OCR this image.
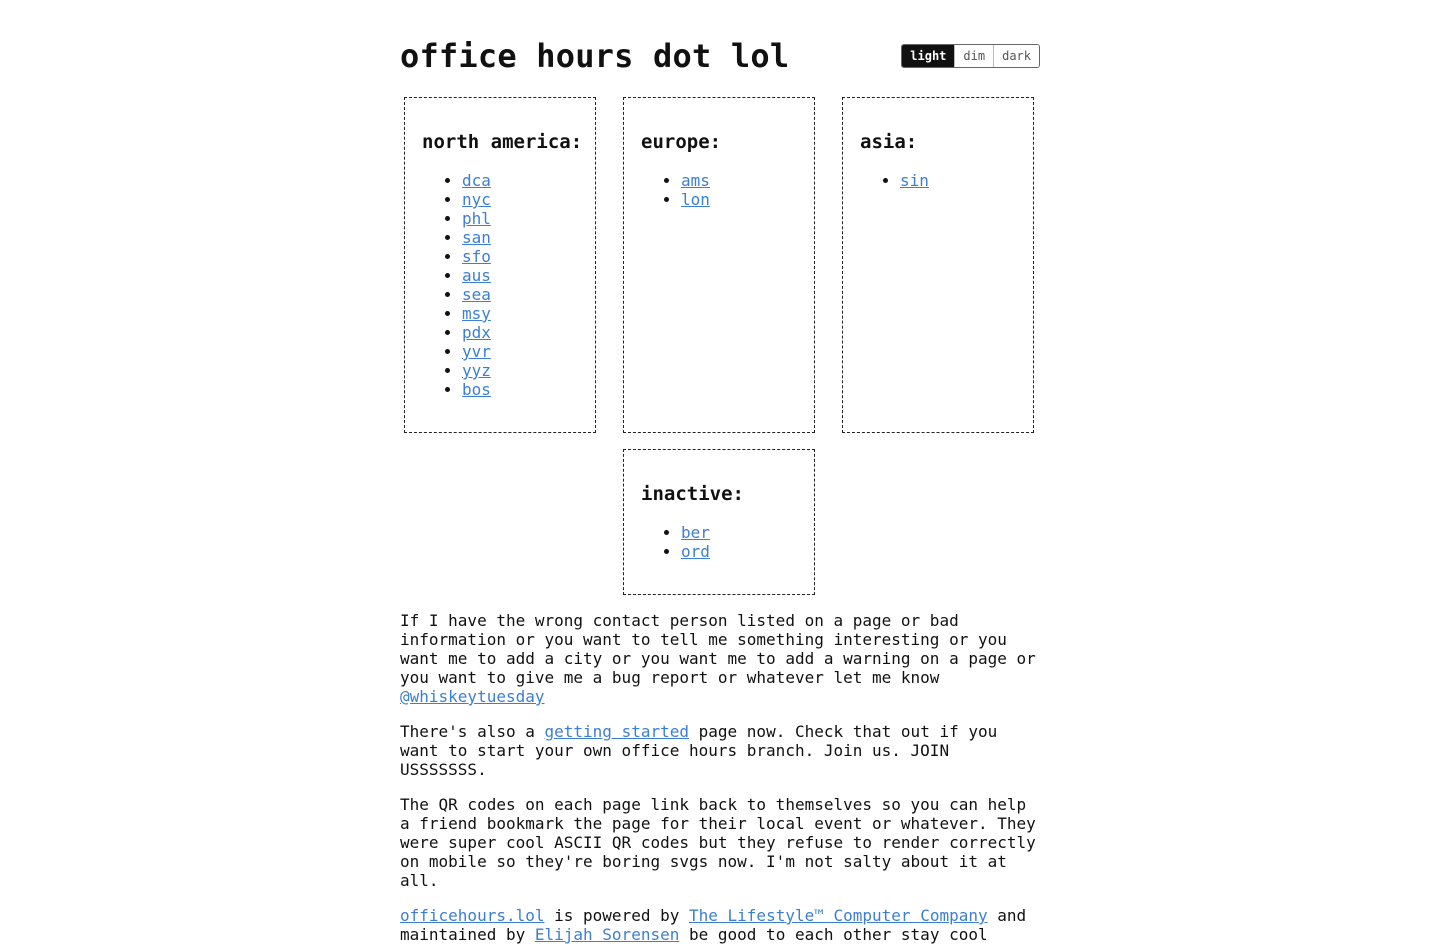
office hours dot lol	light	dim	dark
north america:
• dca
• nyc
• phl
• san
• sfo
• aus
• sea
• msy
• pdx
• yvr
• yyz
• bos
europe:
• ams
• lon
asia:
• sin
inactive:
• ber
• ord

If I have the wrong contact person listed on a page or bad information or you want to tell me something interesting or you want me to add a city or you want me to add a warning on a page or you want to give me a bug report or whatever let me know @whiskeytuesday

There's also a getting started page now. Check that out if you want to start your own office hours branch. Join us. JOIN USSSSSSS.

The QR codes on each page link back to themselves so you can help a friend bookmark the page for their local event or whatever. They were super cool ASCII QR codes but they refuse to render correctly on mobile so they're boring svgs now. I'm not salty about it at all.

officehours.lol is powered by The Lifestyle™ Computer Company and maintained by Elijah Sorensen be good to each other stay cool
